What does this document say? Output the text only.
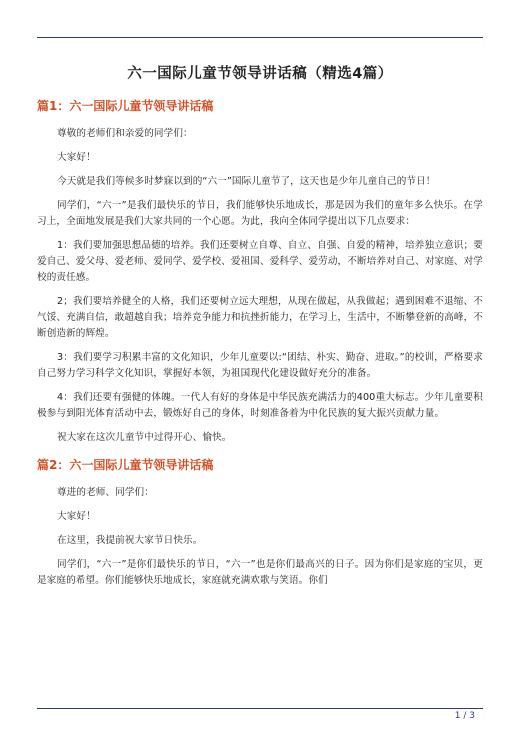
六一国际儿童节领导讲话稿（精选4篇）
篇1：六一国际儿童节领导讲话稿

尊敬的老师们和亲爱的同学们：

大家好！

今天就是我们等候多时梦寐以到的“六一”国际儿童节了，这天也是少年儿童自己的节日！

同学们，“六一”是我们最快乐的节日，我们能够快乐地成长，那是因为我们的童年多么快乐。在学习上，全面地发展是我们大家共同的一个心愿。为此，我向全体同学提出以下几点要求：

1：我们要加强思想品德的培养。我们还要树立自尊、自立、自强、自爱的精神，培养独立意识；要爱自己、爱父母、爱老师、爱同学、爱学校、爱祖国、爱科学、爱劳动，不断培养对自己、对家庭、对学校的责任感。

2；我们要培养健全的人格，我们还要树立远大理想，从现在做起，从我做起；遇到困难不退缩、不气馁、充满自信，敢超越自我；培养竞争能力和抗挫折能力，在学习上，生活中，不断攀登新的高峰，不断创造新的辉煌。

3：我们要学习积累丰富的文化知识，少年儿童要以:“团结、朴实、勤奋、进取。”的校训，严格要求自己努力学习科学文化知识，掌握好本领，为祖国现代化建设做好充分的准备。

4：我们还要有强健的体魄。一代人有好的身体是中华民族充满活力的400重大标志。少年儿童要积极参与到阳光体育活动中去，锻炼好自己的身体，时刻准备着为中化民族的复大振兴贡献力量。

祝大家在这次儿童节中过得开心、愉快。

篇2：六一国际儿童节领导讲话稿

尊进的老师、同学们：

大家好！

在这里，我提前祝大家节日快乐。

同学们，“六一”是你们最快乐的节日，“六一”也是你们最高兴的日子。因为你们是家庭的宝贝，更是家庭的希望。你们能够快乐地成长，家庭就充满欢歌与笑语。你们

1 / 3
